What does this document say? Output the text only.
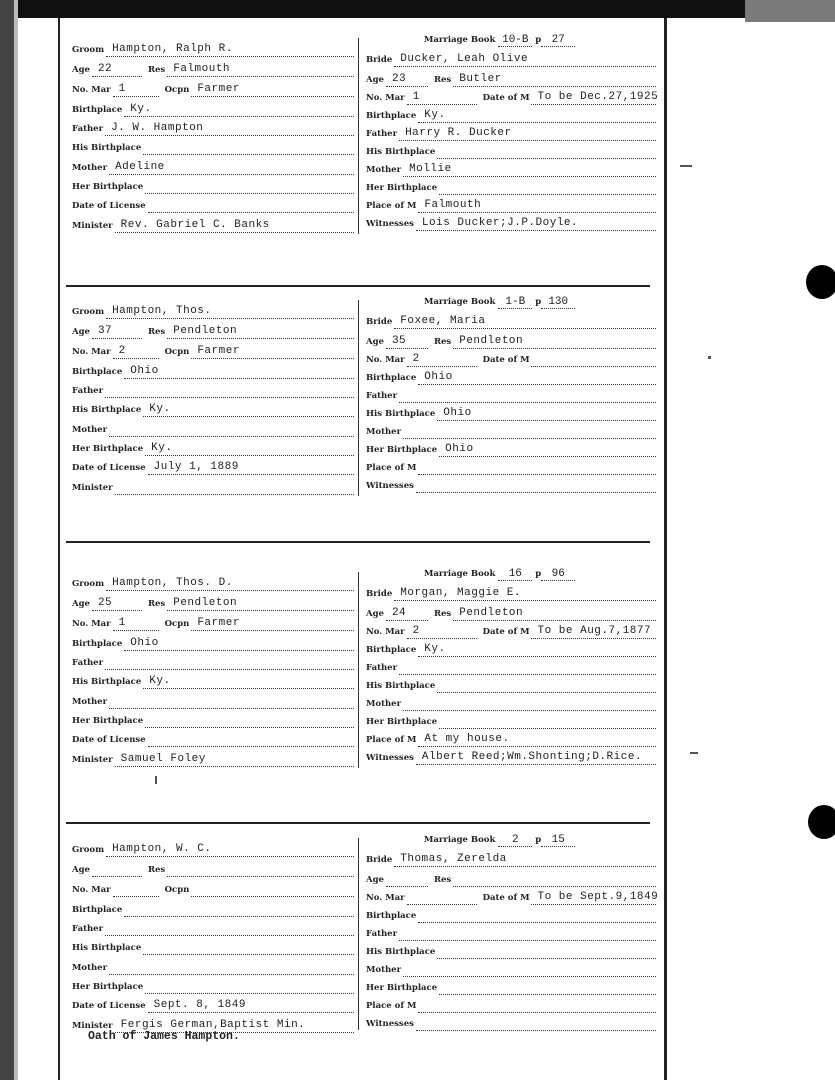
Groom Hampton, Ralph R.
Age 22	Res Falmouth
No. Mar 1	Ocpn Farmer
Birthplace Ky.
Father J. W. Hampton
His Birthplace
Mother Adeline
Her Birthplace
Date of License
Minister Rev. Gabriel C. Banks
Marriage Book 10-B p 27
Bride Ducker, Leah Olive
Age 23	Res Butler
No. Mar 1	Date of M To be Dec.27,1925
Birthplace Ky.
Father Harry R. Ducker
His Birthplace
Mother Mollie
Her Birthplace
Place of M Falmouth
Witnesses Lois Ducker;J.P.Doyle.
Groom Hampton, Thos.
Age 37	Res Pendleton
No. Mar 2	Ocpn Farmer
Birthplace Ohio
Father
His Birthplace Ky.
Mother
Her Birthplace Ky.
Date of License July 1, 1889
Minister
Marriage Book 1-B p 130
Bride Foxee, Maria
Age 35	Res Pendleton
No. Mar 2	Date of M
Birthplace Ohio
Father
His Birthplace Ohio
Mother
Her Birthplace Ohio
Place of M
Witnesses
Groom Hampton, Thos. D.
Age 25	Res Pendleton
No. Mar 1	Ocpn Farmer
Birthplace Ohio
Father
His Birthplace Ky.
Mother
Her Birthplace
Date of License
Minister Samuel Foley
Marriage Book 16 p 96
Bride Morgan, Maggie E.
Age 24	Res Pendleton
No. Mar 2	Date of M To be Aug.7,1877
Birthplace Ky.
Father
His Birthplace
Mother
Her Birthplace
Place of M At my house.
Witnesses Albert Reed;Wm.Shonting;D.Rice.
Groom Hampton, W. C.
Age	Res
No. Mar	Ocpn
Birthplace
Father
His Birthplace
Mother
Her Birthplace
Date of License Sept. 8, 1849
Minister Fergis German,Baptist Min.
Marriage Book 2 p 15
Bride Thomas, Zerelda
Age	Res
No. Mar	Date of M To be Sept.9,1849
Birthplace
Father
His Birthplace
Mother
Her Birthplace
Place of M
Witnesses
Oath of James Hampton.
